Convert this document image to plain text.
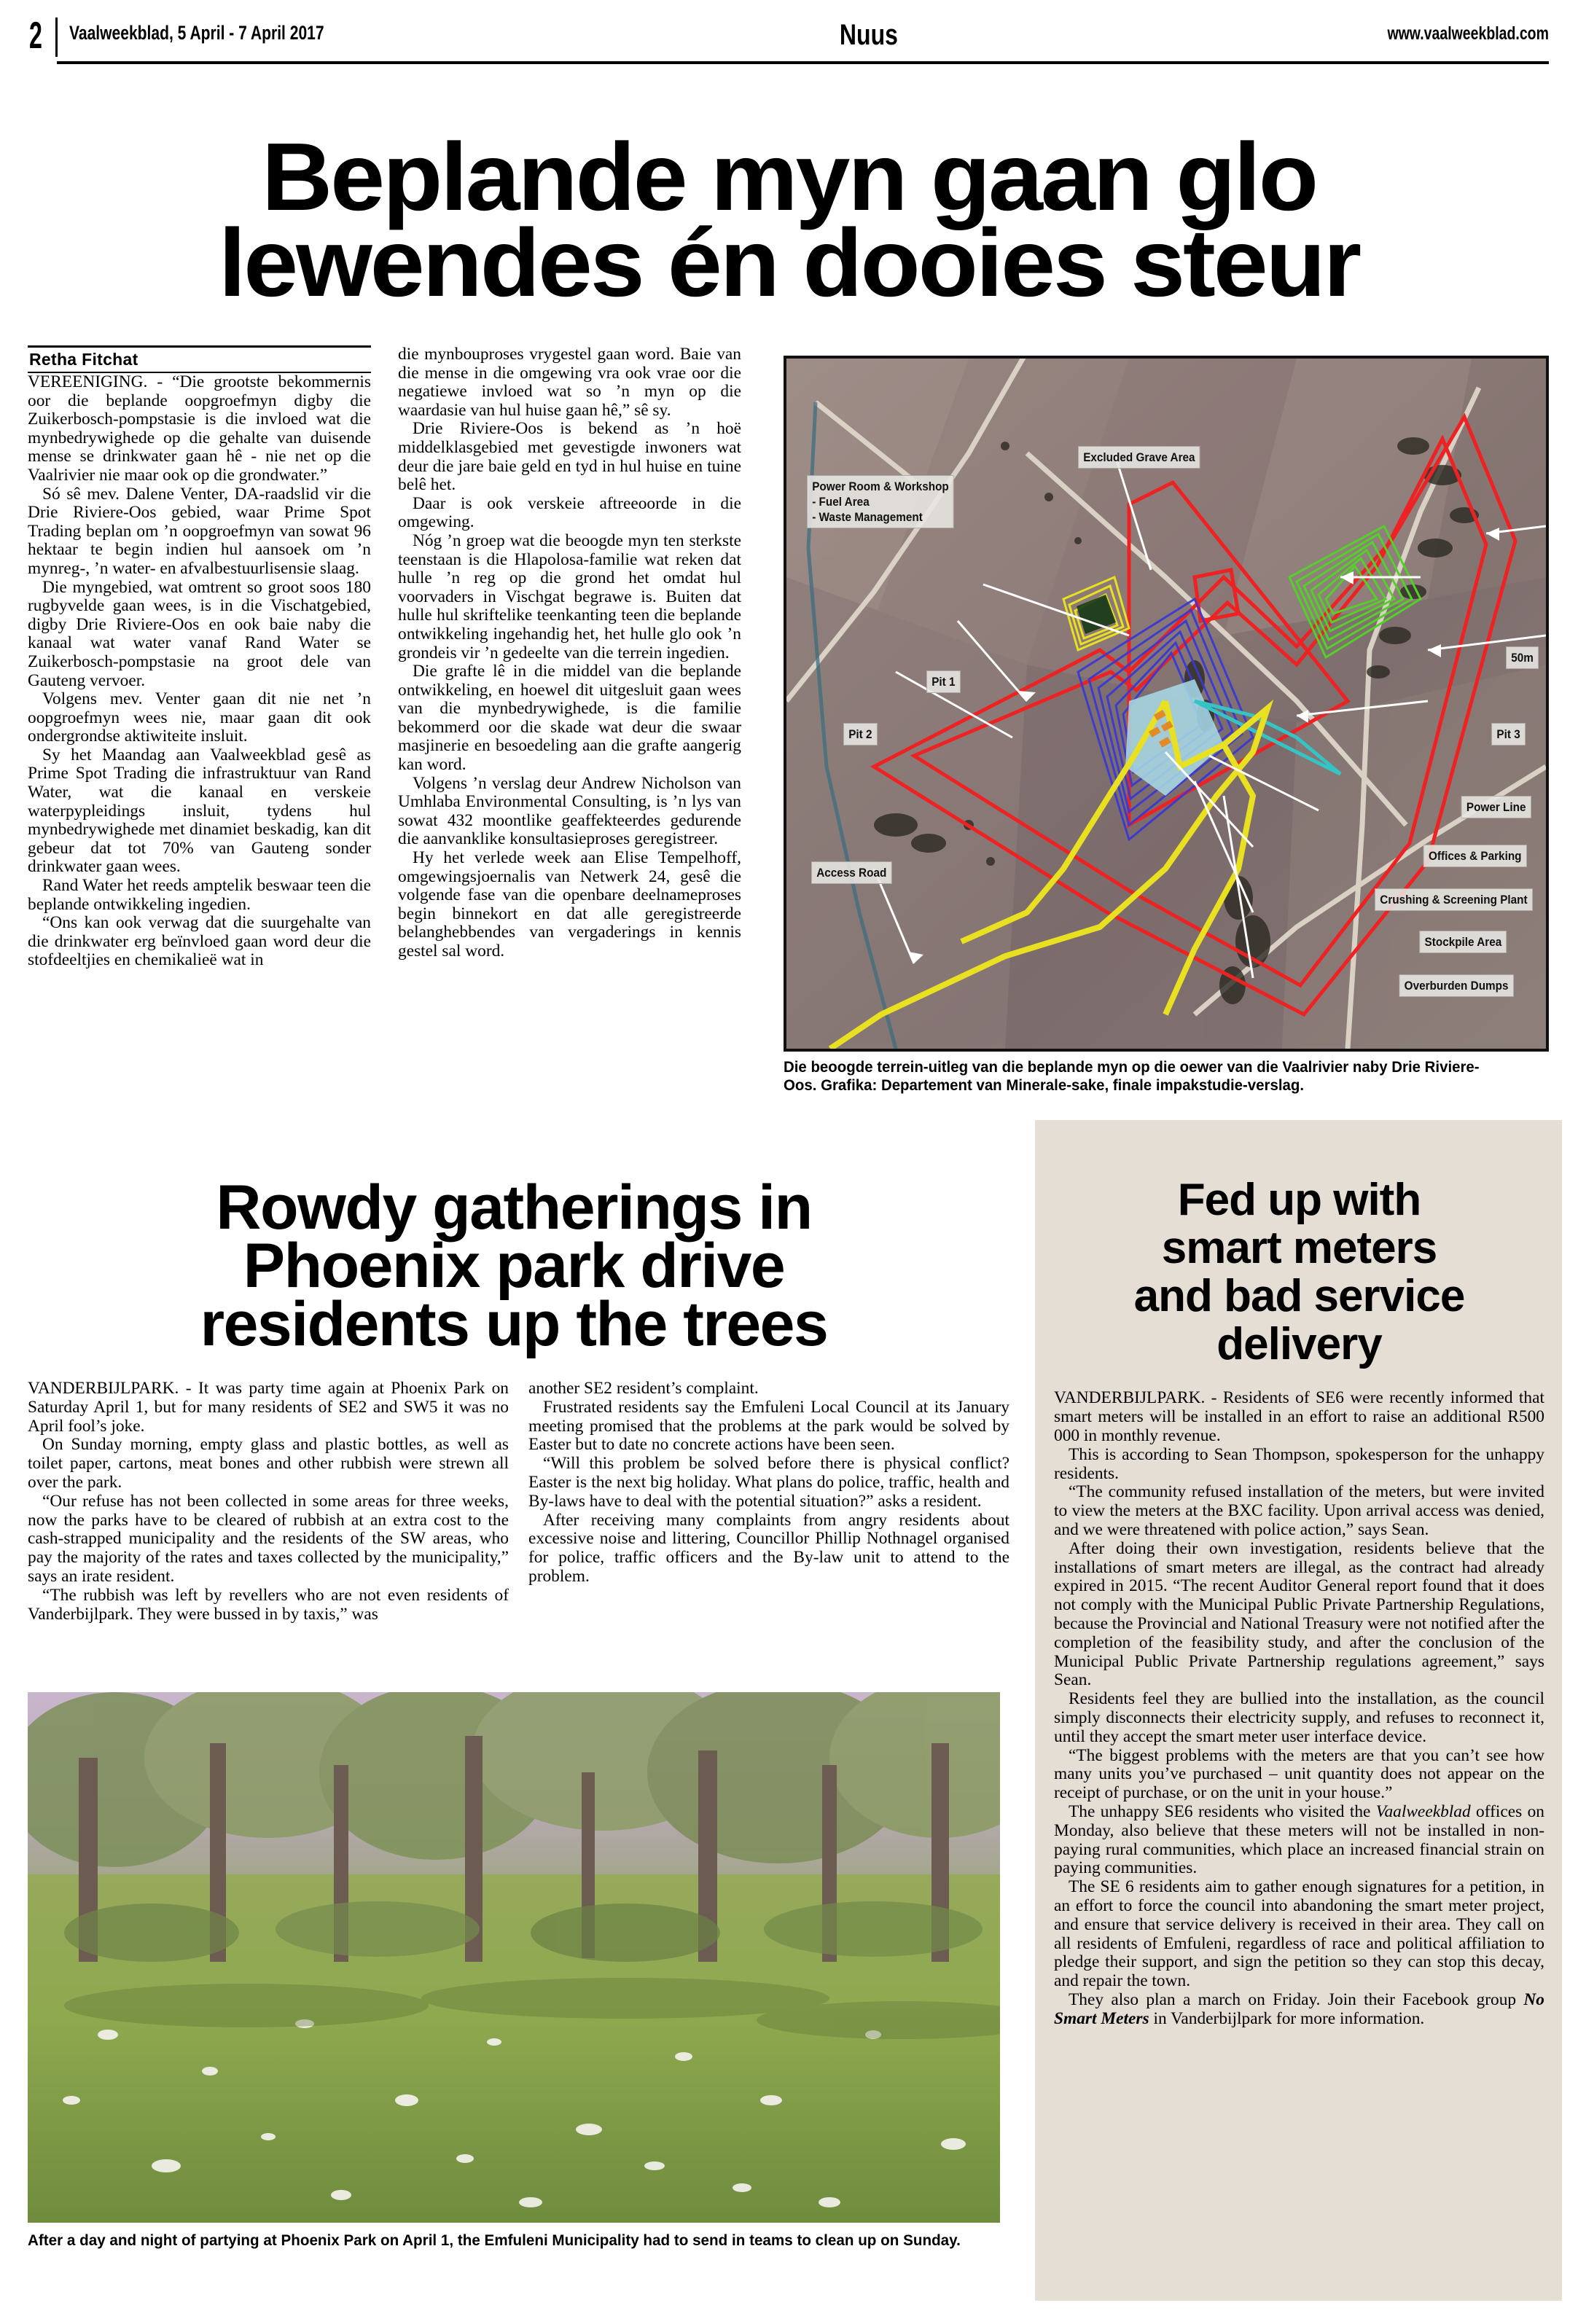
2 Vaalweekblad, 5 April - 7 April 2017	Nuus	www.vaalweekblad.com
Beplande myn gaan glo
lewendes én dooies steur
Retha Fitchat

VEREENIGING. - “Die grootste bekommernis oor die beplande oopgroefmyn digby die Zuikerbosch-pompstasie is die invloed wat die mynbedrywighede op die gehalte van duisende mense se drinkwater gaan hê - nie net op die Vaalrivier nie maar ook op die grondwater.”

Só sê mev. Dalene Venter, DA-raadslid vir die Drie Riviere-Oos gebied, waar Prime Spot Trading beplan om ’n oopgroefmyn van sowat 96 hektaar te begin indien hul aansoek om ’n mynreg-, ’n water- en afvalbestuurlisensie slaag.

Die myngebied, wat omtrent so groot soos 180 rugbyvelde gaan wees, is in die Vischatgebied, digby Drie Riviere-Oos en ook baie naby die kanaal wat water vanaf Rand Water se Zuikerbosch-pompstasie na groot dele van Gauteng vervoer.

Volgens mev. Venter gaan dit nie net ’n oopgroefmyn wees nie, maar gaan dit ook ondergrondse aktiwiteite insluit.

Sy het Maandag aan Vaalweekblad gesê as Prime Spot Trading die infrastruktuur van Rand Water, wat die kanaal en verskeie waterpypleidings insluit, tydens hul mynbedrywighede met dinamiet beskadig, kan dit gebeur dat tot 70% van Gauteng sonder drinkwater gaan wees.

Rand Water het reeds amptelik beswaar teen die beplande ontwikkeling ingedien.

“Ons kan ook verwag dat die suurgehalte van die drinkwater erg beïnvloed gaan word deur die stofdeeltjies en chemikalieë wat in

die mynbouproses vrygestel gaan word. Baie van die mense in die omgewing vra ook vrae oor die negatiewe invloed wat so ’n myn op die waardasie van hul huise gaan hê,” sê sy.

Drie Riviere-Oos is bekend as ’n hoë middelklasgebied met gevestigde inwoners wat deur die jare baie geld en tyd in hul huise en tuine belê het.

Daar is ook verskeie aftreeoorde in die omgewing.

Nóg ’n groep wat die beoogde myn ten sterkste teenstaan is die Hlapolosa-familie wat reken dat hulle ’n reg op die grond het omdat hul voorvaders in Vischgat begrawe is. Buiten dat hulle hul skriftelike teenkanting teen die beplande ontwikkeling ingehandig het, het hulle glo ook ’n grondeis vir ’n gedeelte van die terrein ingedien.

Die grafte lê in die middel van die beplande ontwikkeling, en hoewel dit uitgesluit gaan wees van die mynbedrywighede, is die familie bekommerd oor die skade wat deur die swaar masjinerie en besoedeling aan die grafte aangerig kan word.

Volgens ’n verslag deur Andrew Nicholson van Umhlaba Environmental Consulting, is ’n lys van sowat 432 moontlike geaffekteerdes gedurende die aanvanklike konsultasieproses geregistreer.

Hy het verlede week aan Elise Tempelhoff, omgewingsjoernalis van Netwerk 24, gesê die volgende fase van die openbare deelnameproses begin binnekort en dat alle geregistreerde belanghebbendes van vergaderings in kennis gestel sal word.

Power Room & Workshop
- Fuel Area
- Waste Management
Excluded Grave Area
50m
Pit 1
Pit 2	Pit 3
Power Line
Offices & Parking
Access Road
Crushing & Screening Plant
Stockpile Area
Overburden Dumps
Die beoogde terrein-uitleg van die beplande myn op die oewer van die Vaalrivier naby Drie Riviere-Oos. Grafika: Departement van Minerale-sake, finale impakstudie-verslag.
Rowdy gatherings in
Phoenix park drive
residents up the trees

VANDERBIJLPARK. - It was party time again at Phoenix Park on Saturday April 1, but for many residents of SE2 and SW5 it was no April fool’s joke.

On Sunday morning, empty glass and plastic bottles, as well as toilet paper, cartons, meat bones and other rubbish were strewn all over the park.

“Our refuse has not been collected in some areas for three weeks, now the parks have to be cleared of rubbish at an extra cost to the cash-strapped municipality and the residents of the SW areas, who pay the majority of the rates and taxes collected by the municipality,” says an irate resident.

“The rubbish was left by revellers who are not even residents of Vanderbijlpark. They were bussed in by taxis,” was

another SE2 resident’s complaint.

Frustrated residents say the Emfuleni Local Council at its January meeting promised that the problems at the park would be solved by Easter but to date no concrete actions have been seen.

“Will this problem be solved before there is physical conflict? Easter is the next big holiday. What plans do police, traffic, health and By-laws have to deal with the potential situation?” asks a resident.

After receiving many complaints from angry residents about excessive noise and littering, Councillor Phillip Nothnagel organised for police, traffic officers and the By-law unit to attend to the problem.

After a day and night of partying at Phoenix Park on April 1, the Emfuleni Municipality had to send in teams to clean up on Sunday.
Fed up with
smart meters
and bad service
delivery

VANDERBIJLPARK. - Residents of SE6 were recently informed that smart meters will be installed in an effort to raise an additional R500 000 in monthly revenue.

This is according to Sean Thompson, spokesperson for the unhappy residents.

“The community refused installation of the meters, but were invited to view the meters at the BXC facility. Upon arrival access was denied, and we were threatened with police action,” says Sean.

After doing their own investigation, residents believe that the installations of smart meters are illegal, as the contract had already expired in 2015. “The recent Auditor General report found that it does not comply with the Municipal Public Private Partnership Regulations, because the Provincial and National Treasury were not notified after the completion of the feasibility study, and after the conclusion of the Municipal Public Private Partnership regulations agreement,” says Sean.

Residents feel they are bullied into the installation, as the council simply disconnects their electricity supply, and refuses to reconnect it, until they accept the smart meter user interface device.

“The biggest problems with the meters are that you can’t see how many units you’ve purchased – unit quantity does not appear on the receipt of purchase, or on the unit in your house.”

The unhappy SE6 residents who visited the Vaalweekblad offices on Monday, also believe that these meters will not be installed in non-paying rural communities, which place an increased financial strain on paying communities.

The SE 6 residents aim to gather enough signatures for a petition, in an effort to force the council into abandoning the smart meter project, and ensure that service delivery is received in their area. They call on all residents of Emfuleni, regardless of race and political affiliation to pledge their support, and sign the petition so they can stop this decay, and repair the town.

They also plan a march on Friday. Join their Facebook group No Smart Meters in Vanderbijlpark for more information.
